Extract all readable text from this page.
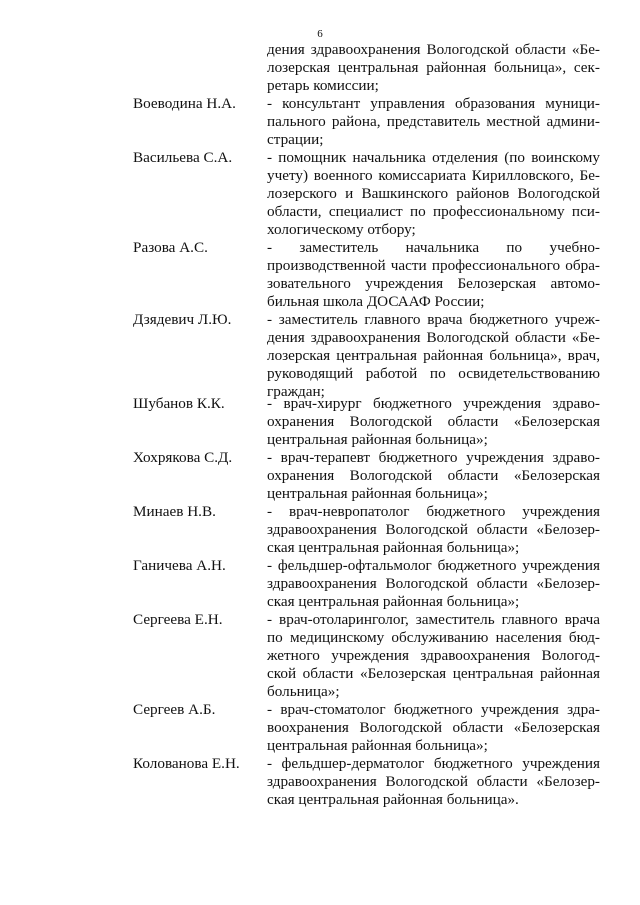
6
дения здравоохранения Вологодской области «Бе-
лозерская центральная районная больница», сек-
ретарь комиссии;
Воеводина Н.А.	- консультант управления образования муници-
пального района, представитель местной админи-
страции;
Васильева С.А.	- помощник начальника отделения (по воинскому
учету) военного комиссариата Кирилловского, Бе-
лозерского и Вашкинского районов Вологодской
области, специалист по профессиональному пси-
хологическому отбору;
Разова А.С.	- заместитель начальника по учебно-
производственной части профессионального обра-
зовательного учреждения Белозерская автомо-
бильная школа ДОСААФ России;
Дзядевич Л.Ю.	- заместитель главного врача бюджетного учреж-
дения здравоохранения Вологодской области «Бе-
лозерская центральная районная больница», врач,
руководящий работой по освидетельствованию
граждан;
Шубанов К.К.	- врач-хирург бюджетного учреждения здраво-
охранения Вологодской области «Белозерская
центральная районная больница»;
Хохрякова С.Д.	- врач-терапевт бюджетного учреждения здраво-
охранения Вологодской области «Белозерская
центральная районная больница»;
Минаев Н.В.	- врач-невропатолог бюджетного учреждения
здравоохранения Вологодской области «Белозер-
ская центральная районная больница»;
Ганичева А.Н.	- фельдшер-офтальмолог бюджетного учреждения
здравоохранения Вологодской области «Белозер-
ская центральная районная больница»;
Сергеева Е.Н.	- врач-отоларинголог, заместитель главного врача
по медицинскому обслуживанию населения бюд-
жетного учреждения здравоохранения Вологод-
ской области «Белозерская центральная районная
больница»;
Сергеев А.Б.	- врач-стоматолог бюджетного учреждения здра-
воохранения Вологодской области «Белозерская
центральная районная больница»;
Колованова Е.Н.	- фельдшер-дерматолог бюджетного учреждения
здравоохранения Вологодской области «Белозер-
ская центральная районная больница».
